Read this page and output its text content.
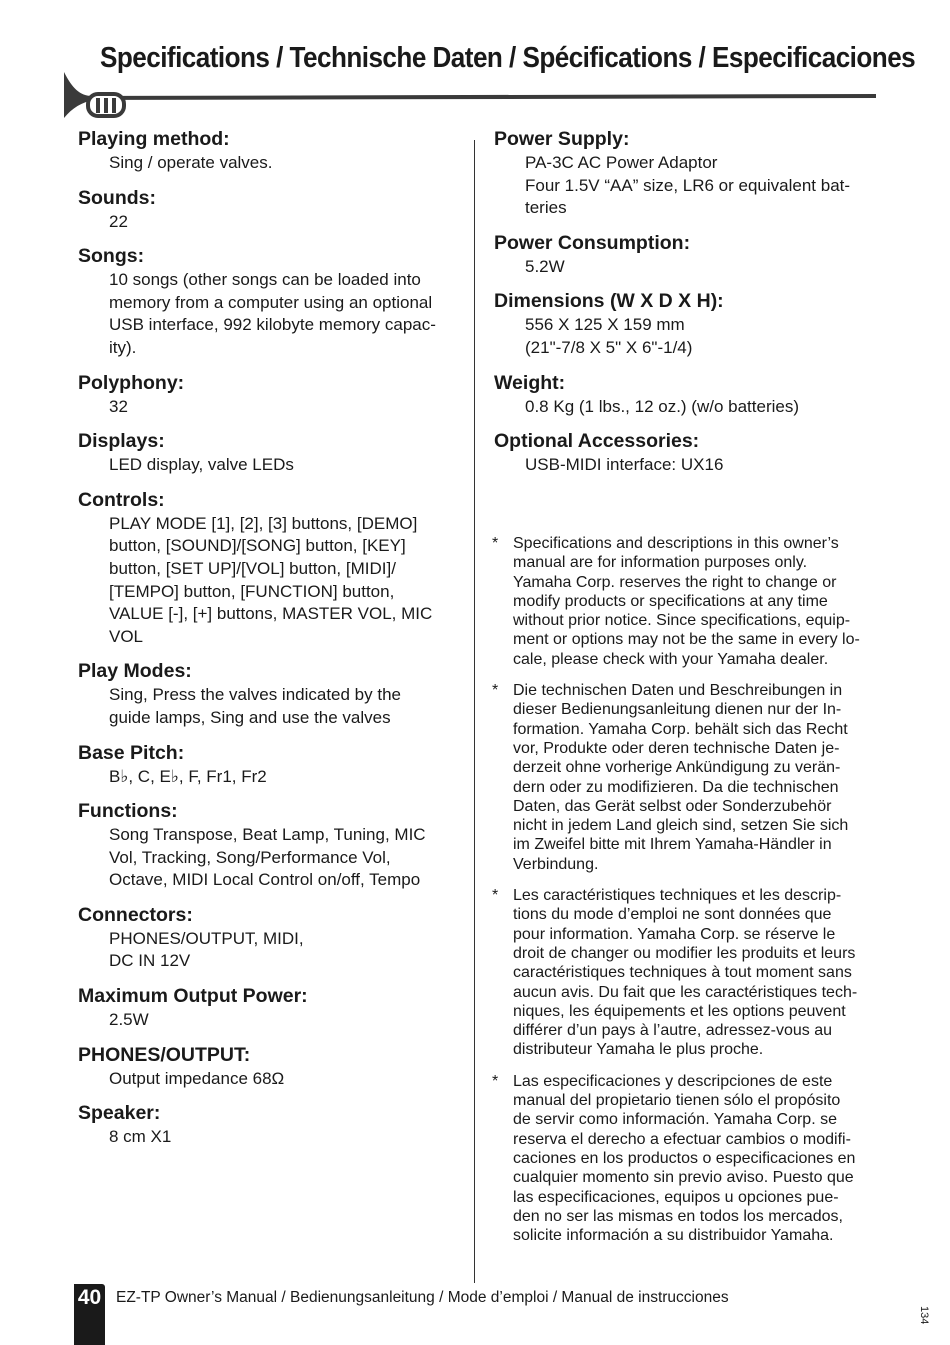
Specifications / Technische Daten / Spécifications / Especificaciones

Playing method:

Sing / operate valves.

Sounds:

22

Songs:

10 songs (other songs can be loaded into
memory from a computer using an optional
USB interface, 992 kilobyte memory capac-
ity).

Polyphony:

32

Displays:

LED display, valve LEDs

Controls:

PLAY MODE [1], [2], [3] buttons, [DEMO]
button, [SOUND]/[SONG] button, [KEY]
button, [SET UP]/[VOL] button, [MIDI]/
[TEMPO] button, [FUNCTION] button,
VALUE [-], [+] buttons, MASTER VOL, MIC
VOL

Play Modes:

Sing, Press the valves indicated by the
guide lamps, Sing and use the valves

Base Pitch:

B♭, C, E♭, F, Fr1, Fr2

Functions:

Song Transpose, Beat Lamp, Tuning, MIC
Vol, Tracking, Song/Performance Vol,
Octave, MIDI Local Control on/off, Tempo

Connectors:

PHONES/OUTPUT, MIDI,
DC IN 12V

Maximum Output Power:

2.5W

PHONES/OUTPUT:

Output impedance 68Ω

Speaker:

8 cm X1

Power Supply:

PA-3C AC Power Adaptor
Four 1.5V “AA” size, LR6 or equivalent bat-
teries

Power Consumption:

5.2W

Dimensions (W X D X H):

556 X 125 X 159 mm
(21"-7/8 X 5" X 6"-1/4)

Weight:

0.8 Kg (1 lbs., 12 oz.) (w/o batteries)

Optional Accessories:

USB-MIDI interface: UX16

* Specifications and descriptions in this owner’s
manual are for information purposes only.
Yamaha Corp. reserves the right to change or
modify products or specifications at any time
without prior notice. Since specifications, equip-
ment or options may not be the same in every lo-
cale, please check with your Yamaha dealer.
* Die technischen Daten und Beschreibungen in
dieser Bedienungsanleitung dienen nur der In-
formation. Yamaha Corp. behält sich das Recht
vor, Produkte oder deren technische Daten je-
derzeit ohne vorherige Ankündigung zu verän-
dern oder zu modifizieren. Da die technischen
Daten, das Gerät selbst oder Sonderzubehör
nicht in jedem Land gleich sind, setzen Sie sich
im Zweifel bitte mit Ihrem Yamaha-Händler in
Verbindung.
* Les caractéristiques techniques et les descrip-
tions du mode d’emploi ne sont données que
pour information. Yamaha Corp. se réserve le
droit de changer ou modifier les produits et leurs
caractéristiques techniques à tout moment sans
aucun avis. Du fait que les caractéristiques tech-
niques, les équipements et les options peuvent
différer d’un pays à l’autre, adressez-vous au
distributeur Yamaha le plus proche.
* Las especificaciones y descripciones de este
manual del propietario tienen sólo el propósito
de servir como información. Yamaha Corp. se
reserva el derecho a efectuar cambios o modifi-
caciones en los productos o especificaciones en
cualquier momento sin previo aviso. Puesto que
las especificaciones, equipos u opciones pue-
den no ser las mismas en todos los mercados,
solicite información a su distribuidor Yamaha.
40 EZ-TP Owner’s Manual / Bedienungsanleitung / Mode d’emploi / Manual de instrucciones
134
